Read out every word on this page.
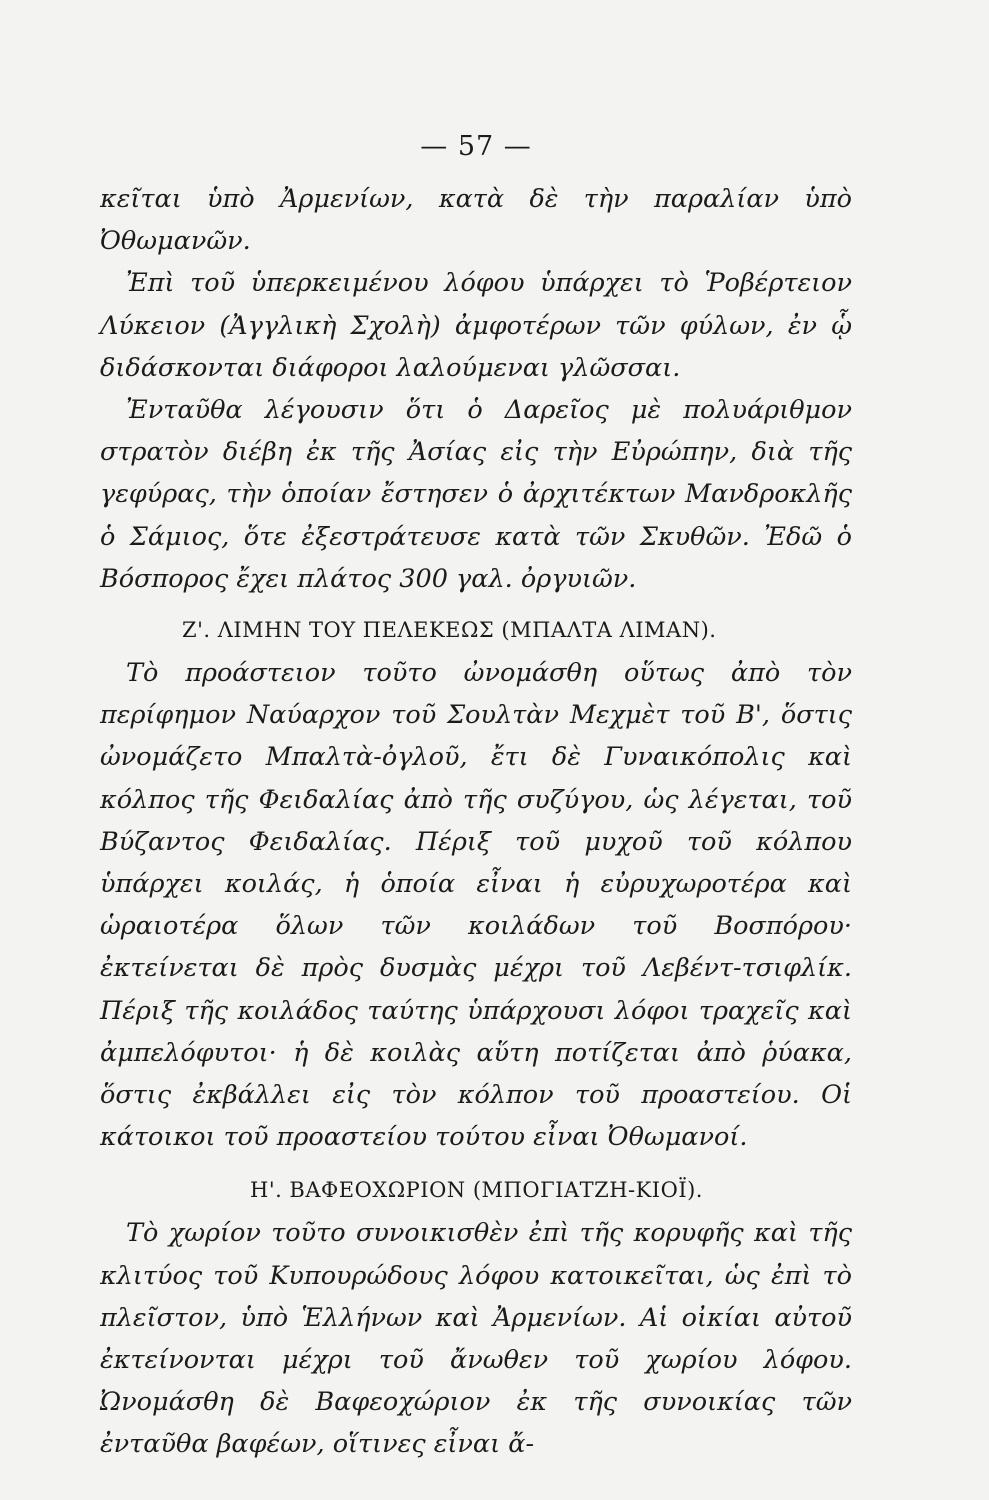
— 57 —

κεῖται ὑπὸ Ἀρμενίων, κατὰ δὲ τὴν παραλίαν ὑπὸ Ὀθωμανῶν.

Ἐπὶ τοῦ ὑπερκειμένου λόφου ὑπάρχει τὸ Ῥοβέρτειον Λύκειον (Ἀγγλικὴ Σχολὴ) ἀμφοτέρων τῶν φύλων, ἐν ᾧ διδάσκονται διάφοροι λαλούμεναι γλῶσσαι.

Ἐνταῦθα λέγουσιν ὅτι ὁ Δαρεῖος μὲ πολυάριθμον στρατὸν διέβη ἐκ τῆς Ἀσίας εἰς τὴν Εὐρώπην, διὰ τῆς γεφύρας, τὴν ὁποίαν ἔστησεν ὁ ἀρχιτέκτων Μανδροκλῆς ὁ Σάμιος, ὅτε ἐξεστράτευσε κατὰ τῶν Σκυθῶν. Ἐδῶ ὁ Βόσπορος ἔχει πλάτος 300 γαλ. ὀργυιῶν.

Ζ'. ΛΙΜΗΝ ΤΟΥ ΠΕΛΕΚΕΩΣ (ΜΠΑΛΤΑ ΛΙΜΑΝ).

Τὸ προάστειον τοῦτο ὠνομάσθη οὕτως ἀπὸ τὸν περίφημον Ναύαρχον τοῦ Σουλτὰν Μεχμὲτ τοῦ Β', ὅστις ὠνομάζετο Μπαλτὰ-ὀγλοῦ, ἔτι δὲ Γυναικόπολις καὶ κόλπος τῆς Φειδαλίας ἀπὸ τῆς συζύγου, ὡς λέγεται, τοῦ Βύζαντος Φειδαλίας. Πέριξ τοῦ μυχοῦ τοῦ κόλπου ὑπάρχει κοιλάς, ἡ ὁποία εἶναι ἡ εὐρυχωροτέρα καὶ ὡραιοτέρα ὅλων τῶν κοιλάδων τοῦ Βοσπόρου· ἐκτείνεται δὲ πρὸς δυσμὰς μέχρι τοῦ Λεβέντ-τσιφλίκ. Πέριξ τῆς κοιλάδος ταύτης ὑπάρχουσι λόφοι τραχεῖς καὶ ἀμπελόφυτοι· ἡ δὲ κοιλὰς αὕτη ποτίζεται ἀπὸ ῥύακα, ὅστις ἐκβάλλει εἰς τὸν κόλπον τοῦ προαστείου. Οἱ κάτοικοι τοῦ προαστείου τούτου εἶναι Ὀθωμανοί.

Η'. ΒΑΦΕΟΧΩΡΙΟΝ (ΜΠΟΓΙΑΤΖΗ-ΚΙΟΪ).

Τὸ χωρίον τοῦτο συνοικισθὲν ἐπὶ τῆς κορυφῆς καὶ τῆς κλιτύος τοῦ Κυπουρώδους λόφου κατοικεῖται, ὡς ἐπὶ τὸ πλεῖστον, ὑπὸ Ἑλλήνων καὶ Ἀρμενίων. Αἱ οἰκίαι αὐτοῦ ἐκτείνονται μέχρι τοῦ ἄνωθεν τοῦ χωρίου λόφου. Ὠνομάσθη δὲ Βαφεοχώριον ἐκ τῆς συνοικίας τῶν ἐνταῦθα βαφέων, οἵτινες εἶναι ἄ-
